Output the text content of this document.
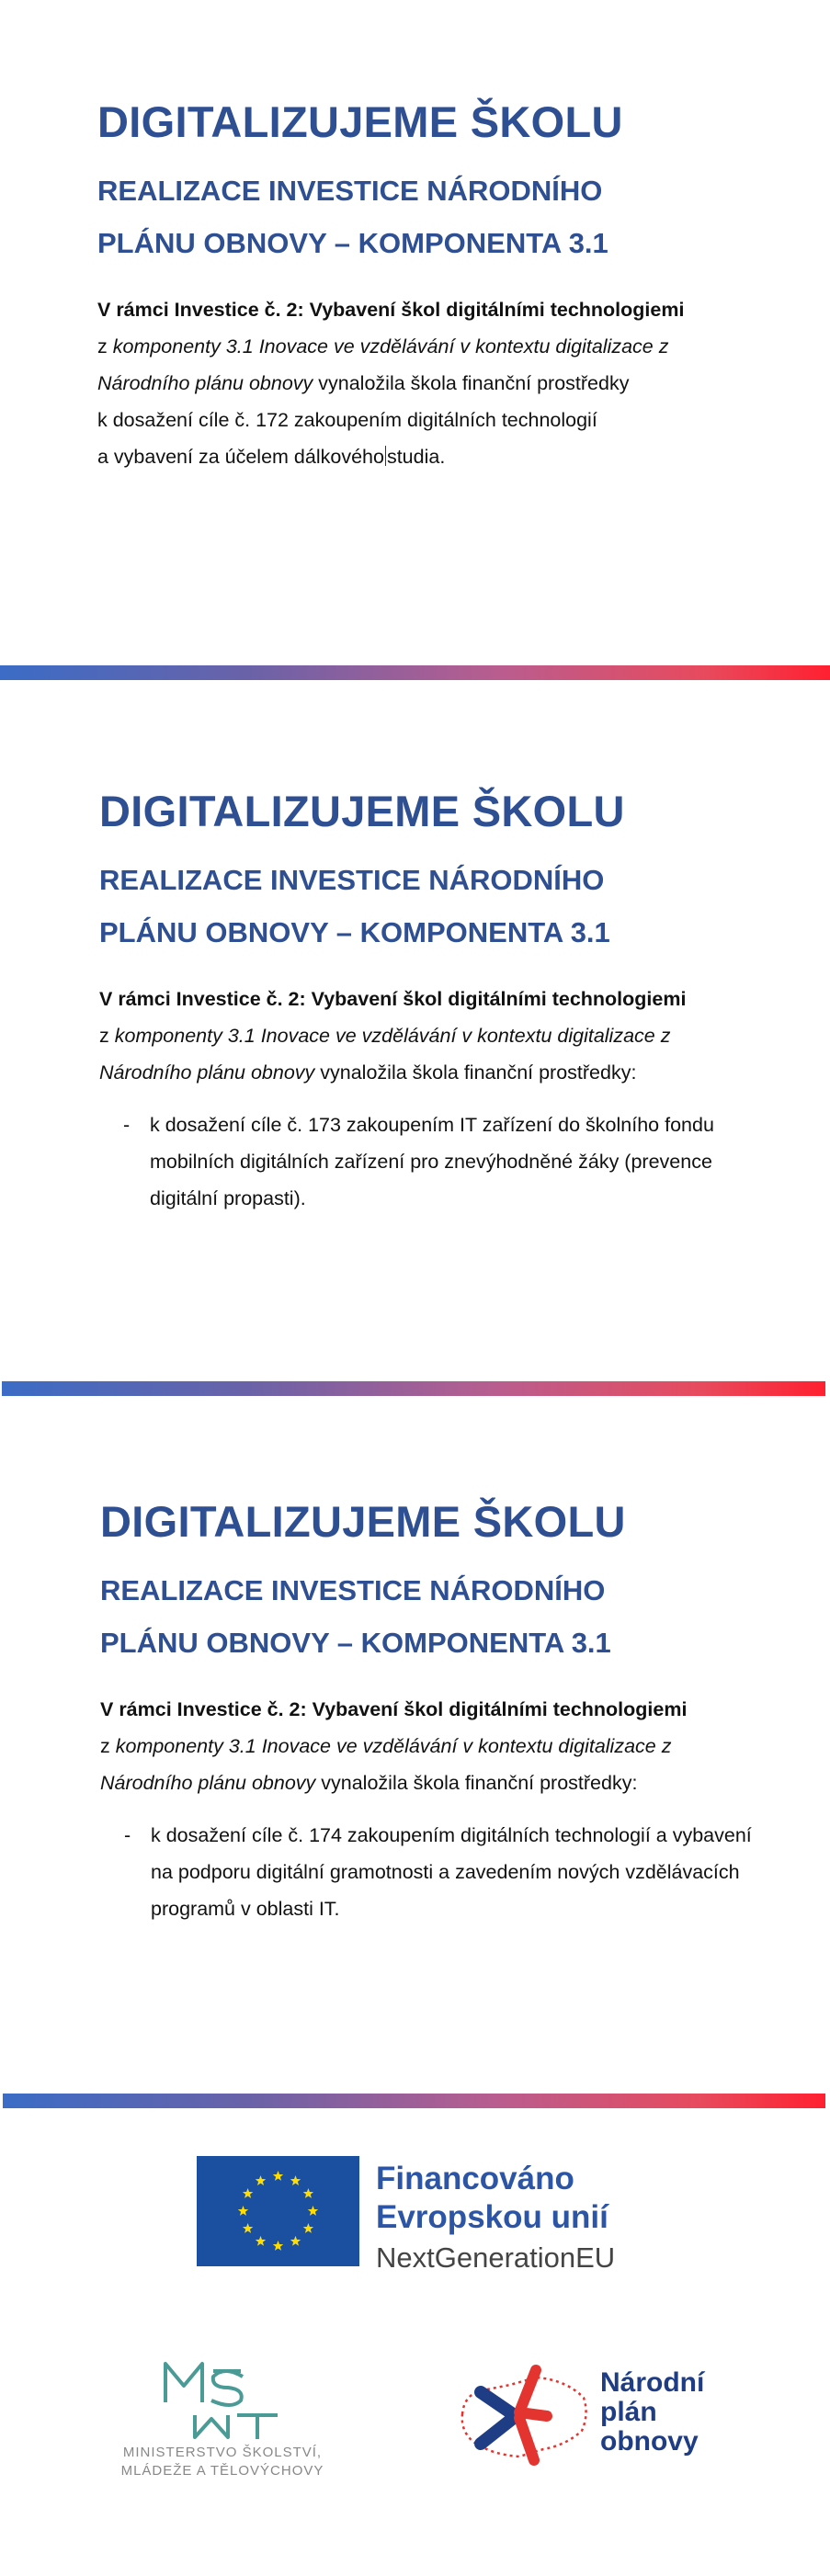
DIGITALIZUJEME ŠKOLU
REALIZACE INVESTICE NÁRODNÍHO
PLÁNU OBNOVY – KOMPONENTA 3.1

V rámci Investice č. 2: Vybavení škol digitálními technologiemi
z komponenty 3.1 Inovace ve vzdělávání v kontextu digitalizace z
Národního plánu obnovy vynaložila škola finanční prostředky
k dosažení cíle č. 172 zakoupením digitálních technologií
a vybavení za účelem dálkového studia.

DIGITALIZUJEME ŠKOLU
REALIZACE INVESTICE NÁRODNÍHO
PLÁNU OBNOVY – KOMPONENTA 3.1

V rámci Investice č. 2: Vybavení škol digitálními technologiemi
z komponenty 3.1 Inovace ve vzdělávání v kontextu digitalizace z
Národního plánu obnovy vynaložila škola finanční prostředky:

- k dosažení cíle č. 173 zakoupením IT zařízení do školního fondu mobilních digitálních zařízení pro znevýhodněné žáky (prevence digitální propasti).

DIGITALIZUJEME ŠKOLU
REALIZACE INVESTICE NÁRODNÍHO
PLÁNU OBNOVY – KOMPONENTA 3.1

V rámci Investice č. 2: Vybavení škol digitálními technologiemi
z komponenty 3.1 Inovace ve vzdělávání v kontextu digitalizace z
Národního plánu obnovy vynaložila škola finanční prostředky:

- k dosažení cíle č. 174 zakoupením digitálních technologií a vybavení na podporu digitální gramotnosti a zavedením nových vzdělávacích programů v oblasti IT.

Financováno

Evropskou unií

NextGenerationEU

MINISTERSTVO ŠKOLSTVÍ,

MLÁDEŽE A TĚLOVÝCHOVY

Národní

plán

obnovy
